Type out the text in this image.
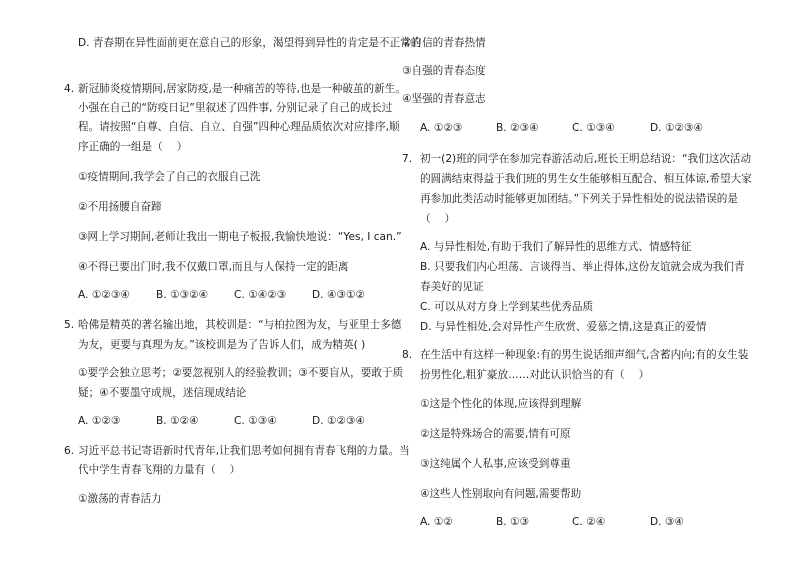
D. 青春期在异性面前更在意自己的形象，渴望得到异性的肯定是不正常的
4. 新冠肺炎疫情期间,居家防疫,是一种痛苦的等待,也是一种破茧的新生。
小强在自己的“防疫日记”里叙述了四件事, 分别记录了自己的成长过
程。请按照“自尊、自信、自立、自强”四种心理品质依次对应排序,顺
序正确的一组是（　 ）
①疫情期间,我学会了自己的衣服自己洗
②不用扬腰自奋蹄
③网上学习期间,老师让我出一期电子板报,我愉快地说：“Yes, I can.”
④不得已要出门时,我不仅戴口罩,而且与人保持一定的距离
A. ①②③④ B. ①③②④ C. ①④②③ D. ④③①②
5. 哈佛是精英的著名输出地，其校训是：“与柏拉图为友，与亚里士多德
为友，更要与真理为友。”该校训是为了告诉人们，成为精英( )
①要学会独立思考；②要忽视别人的经验教训；③不要盲从，要敢于质
疑；④不要墨守成规，迷信现成结论
A. ①②③	B. ①②④	C. ①③④	D. ①②③④
6. 习近平总书记寄语新时代青年,让我们思考如何拥有青春飞翔的力量。当
代中学生青春飞翔的力量有（　 ）
①激荡的青春活力
②自信的青春热情
③自强的青春态度
④坚强的青春意志
A. ①②③	B. ②③④	C. ①③④	D. ①②③④
7. 初一(2)班的同学在参加完春游活动后,班长王明总结说：“我们这次活动
的圆满结束得益于我们班的男生女生能够相互配合、相互体谅,希望大家
再参加此类活动时能够更加团结。”下列关于异性相处的说法错误的是
（　 ）
A. 与异性相处,有助于我们了解异性的思维方式、情感特征
B. 只要我们内心坦荡、言谈得当、举止得体,这份友谊就会成为我们青
春美好的见证
C. 可以从对方身上学到某些优秀品质
D. 与异性相处,会对异性产生欣赏、爱慕之情,这是真正的爱情
8. 在生活中有这样一种现象:有的男生说话细声细气,含蓄内向;有的女生装
扮男性化,粗犷豪放……对此认识恰当的有（　 ）
①这是个性化的体现,应该得到理解
②这是特殊场合的需要,情有可原
③这纯属个人私事,应该受到尊重
④这些人性别取向有问题,需要帮助
A. ①②	B. ①③	C. ②④	D. ③④
